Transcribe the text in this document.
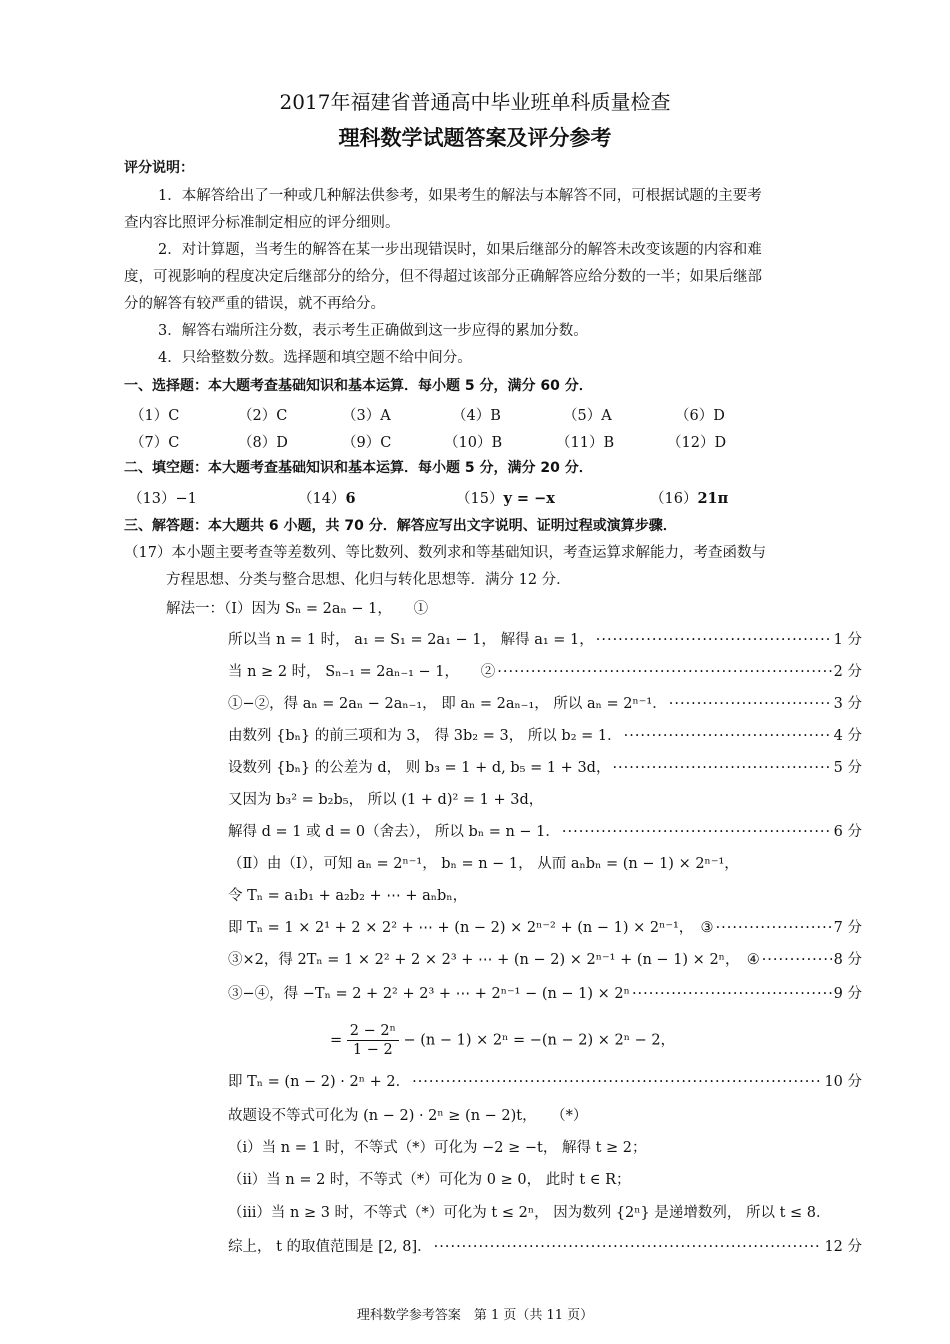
2017年福建省普通高中毕业班单科质量检查
理科数学试题答案及评分参考
评分说明：
1．本解答给出了一种或几种解法供参考，如果考生的解法与本解答不同，可根据试题的主要考
查内容比照评分标准制定相应的评分细则。
2．对计算题，当考生的解答在某一步出现错误时，如果后继部分的解答未改变该题的内容和难
度，可视影响的程度决定后继部分的给分，但不得超过该部分正确解答应给分数的一半；如果后继部
分的解答有较严重的错误，就不再给分。
3．解答右端所注分数，表示考生正确做到这一步应得的累加分数。
4．只给整数分数。选择题和填空题不给中间分。
一、选择题：本大题考查基础知识和基本运算．每小题 5 分，满分 60 分．
（1）C	（2）C	（3）A	（4）B	（5）A	（6）D
（7）C	（8）D	（9）C	（10）B	（11）B	（12）D
二、填空题：本大题考查基础知识和基本运算．每小题 5 分，满分 20 分．
（13）−1	（14）6	（15）y = −x	（16）21π
三、解答题：本大题共 6 小题，共 70 分．解答应写出文字说明、证明过程或演算步骤．
（17）本小题主要考查等差数列、等比数列、数列求和等基础知识，考查运算求解能力，考查函数与
方程思想、分类与整合思想、化归与转化思想等．满分 12 分．
解法一：（Ⅰ）因为 Sₙ = 2aₙ − 1，　　①
所以当 n = 1 时， a₁ = S₁ = 2a₁ − 1， 解得 a₁ = 1， ·····	1 分
当 n ≥ 2 时， Sₙ₋₁ = 2aₙ₋₁ − 1，　　② ·····	2 分
①−②，得 aₙ = 2aₙ − 2aₙ₋₁， 即 aₙ = 2aₙ₋₁， 所以 aₙ = 2ⁿ⁻¹． ·····	3 分
由数列 {bₙ} 的前三项和为 3， 得 3b₂ = 3， 所以 b₂ = 1． ·····	4 分
设数列 {bₙ} 的公差为 d， 则 b₃ = 1 + d, b₅ = 1 + 3d， ·····	5 分
又因为 b₃² = b₂b₅， 所以 (1 + d)² = 1 + 3d，
解得 d = 1 或 d = 0（舍去）， 所以 bₙ = n − 1． ·····	6 分
（Ⅱ）由（Ⅰ），可知 aₙ = 2ⁿ⁻¹， bₙ = n − 1， 从而 aₙbₙ = (n − 1) × 2ⁿ⁻¹，
令 Tₙ = a₁b₁ + a₂b₂ + ⋯ + aₙbₙ，
即 Tₙ = 1 × 2¹ + 2 × 2² + ⋯ + (n − 2) × 2ⁿ⁻² + (n − 1) × 2ⁿ⁻¹，　③ ·····	7 分
③×2，得 2Tₙ = 1 × 2² + 2 × 2³ + ⋯ + (n − 2) × 2ⁿ⁻¹ + (n − 1) × 2ⁿ，　④ ·····	8 分
③−④，得 −Tₙ = 2 + 2² + 2³ + ⋯ + 2ⁿ⁻¹ − (n − 1) × 2ⁿ ·····	9 分
= $\frac{\text{2 − 2ⁿ}}{1 - 2} - (n - 1) \times 2^n = -(n - 2) \times 2^n - 2$，
即 Tₙ = (n − 2) · 2ⁿ + 2． ·····	10 分
故题设不等式可化为 (n − 2) · 2ⁿ ≥ (n − 2)t，　　（*）
（ⅰ）当 n = 1 时，不等式（*）可化为 −2 ≥ −t， 解得 t ≥ 2；
（ⅱ）当 n = 2 时，不等式（*）可化为 0 ≥ 0， 此时 t ∈ R；
（ⅲ）当 n ≥ 3 时，不等式（*）可化为 t ≤ 2ⁿ， 因为数列 {2ⁿ} 是递增数列， 所以 t ≤ 8．
综上， t 的取值范围是 [2, 8]． ·····	12 分
理科数学参考答案　第 1 页（共 11 页）
